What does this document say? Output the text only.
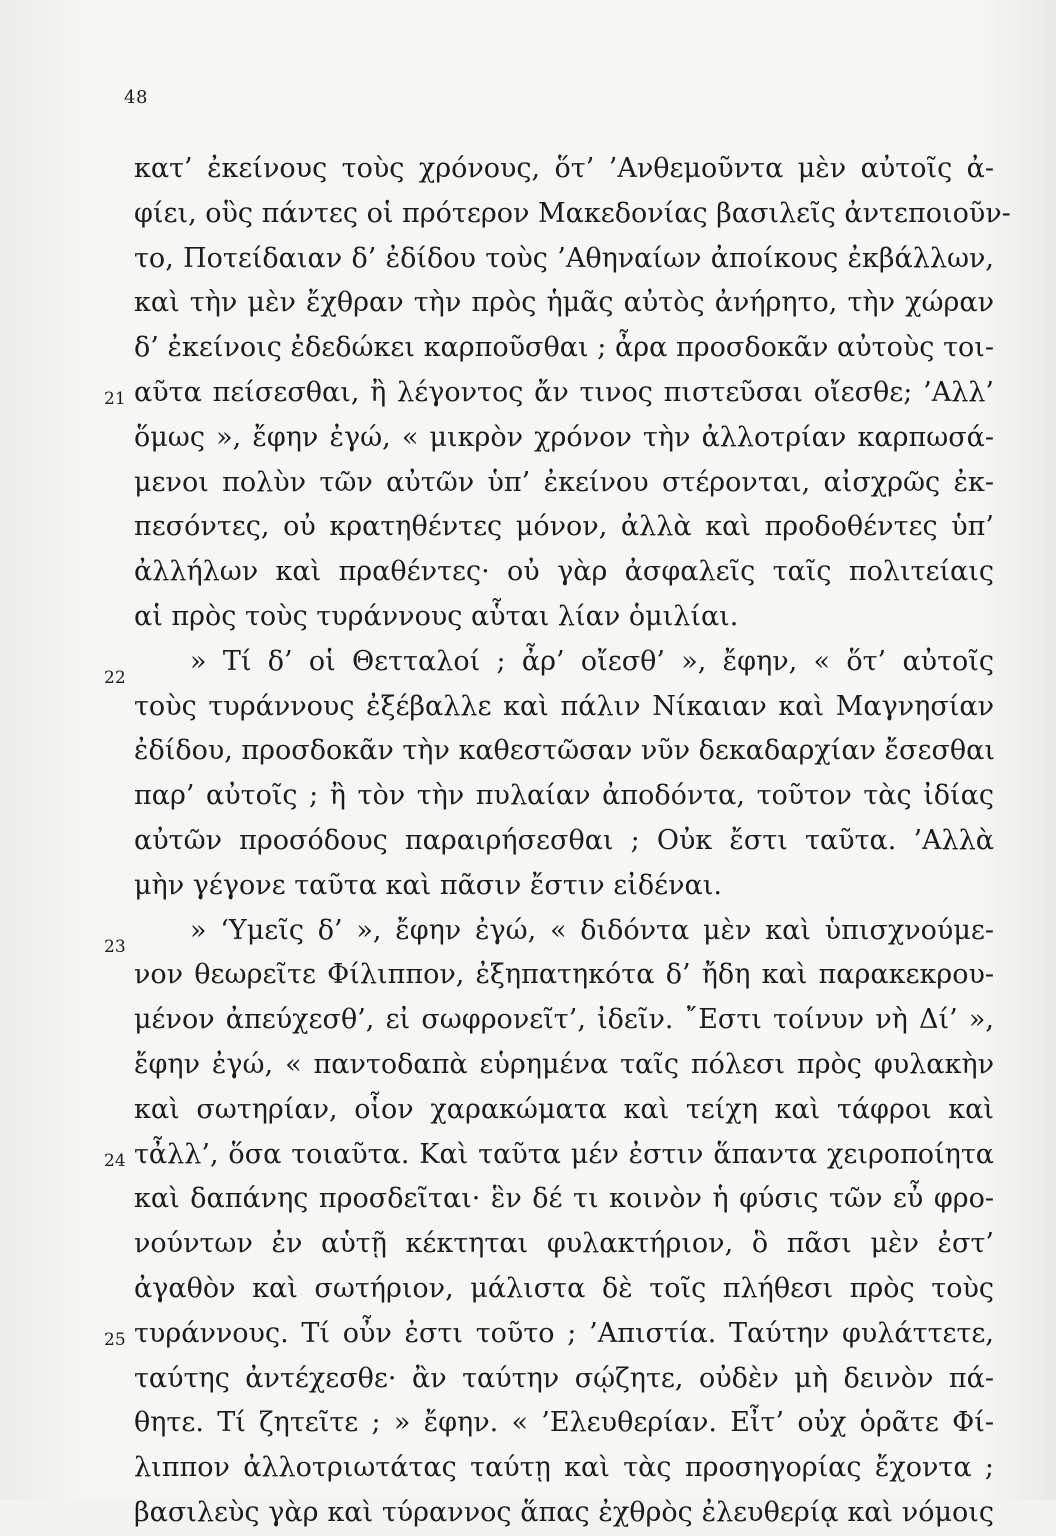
48
κατ’ ἐκείνους τοὺς χρόνους, ὅτ’ ’Ανθεμοῦντα μὲν αὐτοῖς ἀ-
φίει, οὓς πάντες οἱ πρότερον Μακεδονίας βασιλεῖς ἀντεποιοῦν-
το, Ποτείδαιαν δ’ ἐδίδου τοὺς ’Αθηναίων ἀποίκους ἐκβάλλων,
καὶ τὴν μὲν ἔχθραν τὴν πρὸς ἡμᾶς αὐτὸς ἀνήρητο, τὴν χώραν
δ’ ἐκείνοις ἐδεδώκει καρποῦσθαι ; ἆρα προσδοκᾶν αὐτοὺς τοι-
21 αῦτα πείσεσθαι, ἢ λέγοντος ἄν τινος πιστεῦσαι οἴεσθε; ’Αλλ’
ὅμως », ἔφην ἐγώ, « μικρὸν χρόνον τὴν ἀλλοτρίαν καρπωσά-
μενοι πολὺν τῶν αὐτῶν ὑπ’ ἐκείνου στέρονται, αἰσχρῶς ἐκ-
πεσόντες, οὐ κρατηθέντες μόνον, ἀλλὰ καὶ προδοθέντες ὑπ’
ἀλλήλων καὶ πραθέντες· οὐ γὰρ ἀσφαλεῖς ταῖς πολιτείαις
αἱ πρὸς τοὺς τυράννους αὗται λίαν ὁμιλίαι.
22
» Τί δ’ οἱ Θετταλοί ; ἆρ’ οἴεσθ’ », ἔφην, « ὅτ’ αὐτοῖς
τοὺς τυράννους ἐξέβαλλε καὶ πάλιν Νίκαιαν καὶ Μαγνησίαν
ἐδίδου, προσδοκᾶν τὴν καθεστῶσαν νῦν δεκαδαρχίαν ἔσεσθαι
παρ’ αὐτοῖς ; ἢ τὸν τὴν πυλαίαν ἀποδόντα, τοῦτον τὰς ἰδίας
αὐτῶν προσόδους παραιρήσεσθαι ; Οὐκ ἔστι ταῦτα. ’Αλλὰ
μὴν γέγονε ταῦτα καὶ πᾶσιν ἔστιν εἰδέναι.
23
» ‘Υμεῖς δ’ », ἔφην ἐγώ, « διδόντα μὲν καὶ ὑπισχνούμε-
νον θεωρεῖτε Φίλιππον, ἐξηπατηκότα δ’ ἤδη καὶ παρακεκρου-
μένον ἀπεύχεσθ’, εἰ σωφρονεῖτ’, ἰδεῖν. ῎Εστι τοίνυν νὴ Δί’ »,
ἔφην ἐγώ, « παντοδαπὰ εὑρημένα ταῖς πόλεσι πρὸς φυλακὴν
καὶ σωτηρίαν, οἷον χαρακώματα καὶ τείχη καὶ τάφροι καὶ
24 τἆλλ’, ὅσα τοιαῦτα. Καὶ ταῦτα μέν ἐστιν ἅπαντα χειροποίητα
καὶ δαπάνης προσδεῖται· ἓν δέ τι κοινὸν ἡ φύσις τῶν εὖ φρο-
νούντων ἐν αὑτῇ κέκτηται φυλακτήριον, ὃ πᾶσι μὲν ἐστ’
ἀγαθὸν καὶ σωτήριον, μάλιστα δὲ τοῖς πλήθεσι πρὸς τοὺς
25 τυράννους. Τί οὖν ἐστι τοῦτο ; ’Απιστία. Ταύτην φυλάττετε,
ταύτης ἀντέχεσθε· ἂν ταύτην σῴζητε, οὐδὲν μὴ δεινὸν πά-
θητε. Τί ζητεῖτε ; » ἔφην. « ’Ελευθερίαν. Εἶτ’ οὐχ ὁρᾶτε Φί-
λιππον ἀλλοτριωτάτας ταύτῃ καὶ τὰς προσηγορίας ἔχοντα ;
βασιλεὺς γὰρ καὶ τύραννος ἅπας ἐχθρὸς ἐλευθερίᾳ καὶ νόμοις
